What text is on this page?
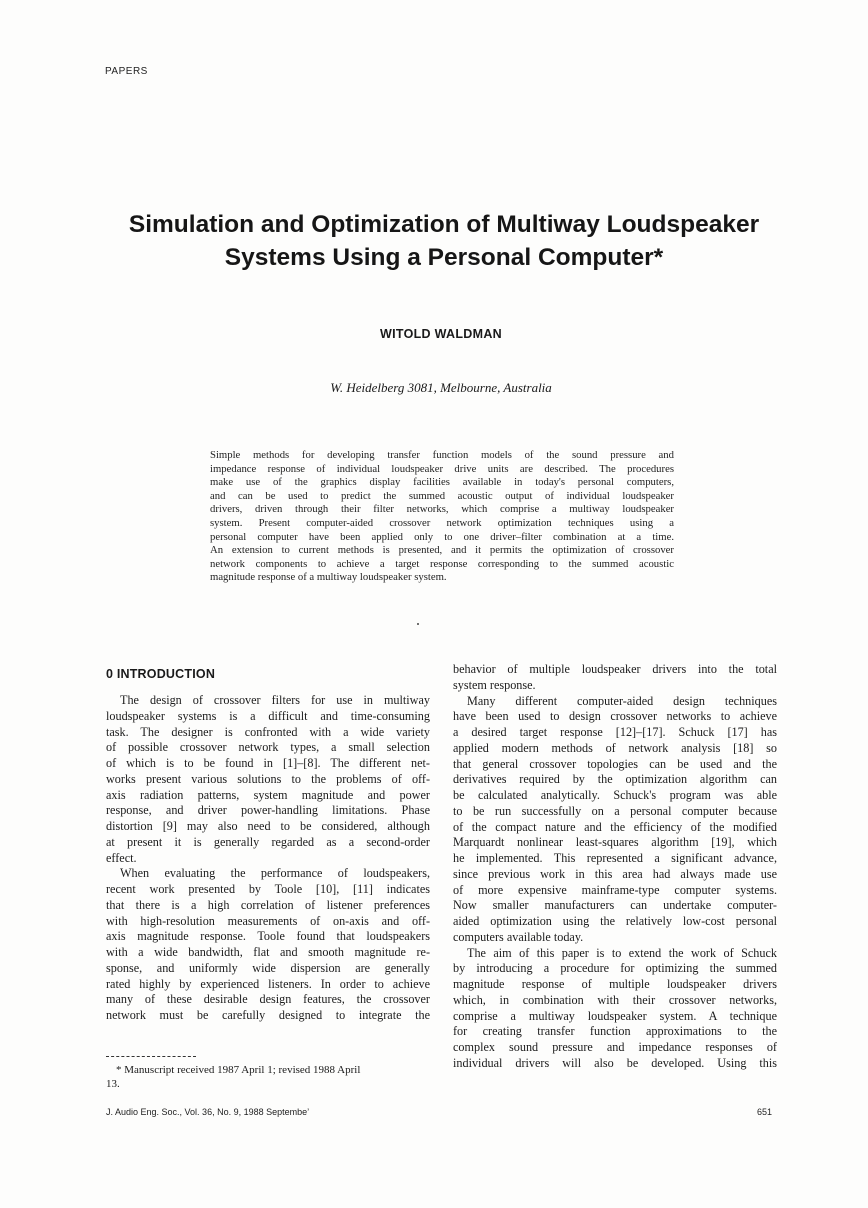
PAPERS
Simulation and Optimization of Multiway Loudspeaker
Systems Using a Personal Computer*
WITOLD WALDMAN
W. Heidelberg 3081, Melbourne, Australia
Simple methods for developing transfer function models of the sound pressure and
impedance response of individual loudspeaker drive units are described. The procedures
make use of the graphics display facilities available in today's personal computers,
and can be used to predict the summed acoustic output of individual loudspeaker
drivers, driven through their filter networks, which comprise a multiway loudspeaker
system. Present computer-aided crossover network optimization techniques using a
personal computer have been applied only to one driver–filter combination at a time.
An extension to current methods is presented, and it permits the optimization of crossover
network components to achieve a target response corresponding to the summed acoustic
magnitude response of a multiway loudspeaker system.
0 INTRODUCTION
The design of crossover filters for use in multiway
loudspeaker systems is a difficult and time-consuming
task. The designer is confronted with a wide variety
of possible crossover network types, a small selection
of which is to be found in [1]–[8]. The different net-
works present various solutions to the problems of off-
axis radiation patterns, system magnitude and power
response, and driver power-handling limitations. Phase
distortion [9] may also need to be considered, although
at present it is generally regarded as a second-order
effect.
When evaluating the performance of loudspeakers,
recent work presented by Toole [10], [11] indicates
that there is a high correlation of listener preferences
with high-resolution measurements of on-axis and off-
axis magnitude response. Toole found that loudspeakers
with a wide bandwidth, flat and smooth magnitude re-
sponse, and uniformly wide dispersion are generally
rated highly by experienced listeners. In order to achieve
many of these desirable design features, the crossover
network must be carefully designed to integrate the
behavior of multiple loudspeaker drivers into the total
system response.
Many different computer-aided design techniques
have been used to design crossover networks to achieve
a desired target response [12]–[17]. Schuck [17] has
applied modern methods of network analysis [18] so
that general crossover topologies can be used and the
derivatives required by the optimization algorithm can
be calculated analytically. Schuck's program was able
to be run successfully on a personal computer because
of the compact nature and the efficiency of the modified
Marquardt nonlinear least-squares algorithm [19], which
he implemented. This represented a significant advance,
since previous work in this area had always made use
of more expensive mainframe-type computer systems.
Now smaller manufacturers can undertake computer-
aided optimization using the relatively low-cost personal
computers available today.
The aim of this paper is to extend the work of Schuck
by introducing a procedure for optimizing the summed
magnitude response of multiple loudspeaker drivers
which, in combination with their crossover networks,
comprise a multiway loudspeaker system. A technique
for creating transfer function approximations to the
complex sound pressure and impedance responses of
individual drivers will also be developed. Using this
* Manuscript received 1987 April 1; revised 1988 April
13.
J. Audio Eng. Soc., Vol. 36, No. 9, 1988 Septembe’	651
